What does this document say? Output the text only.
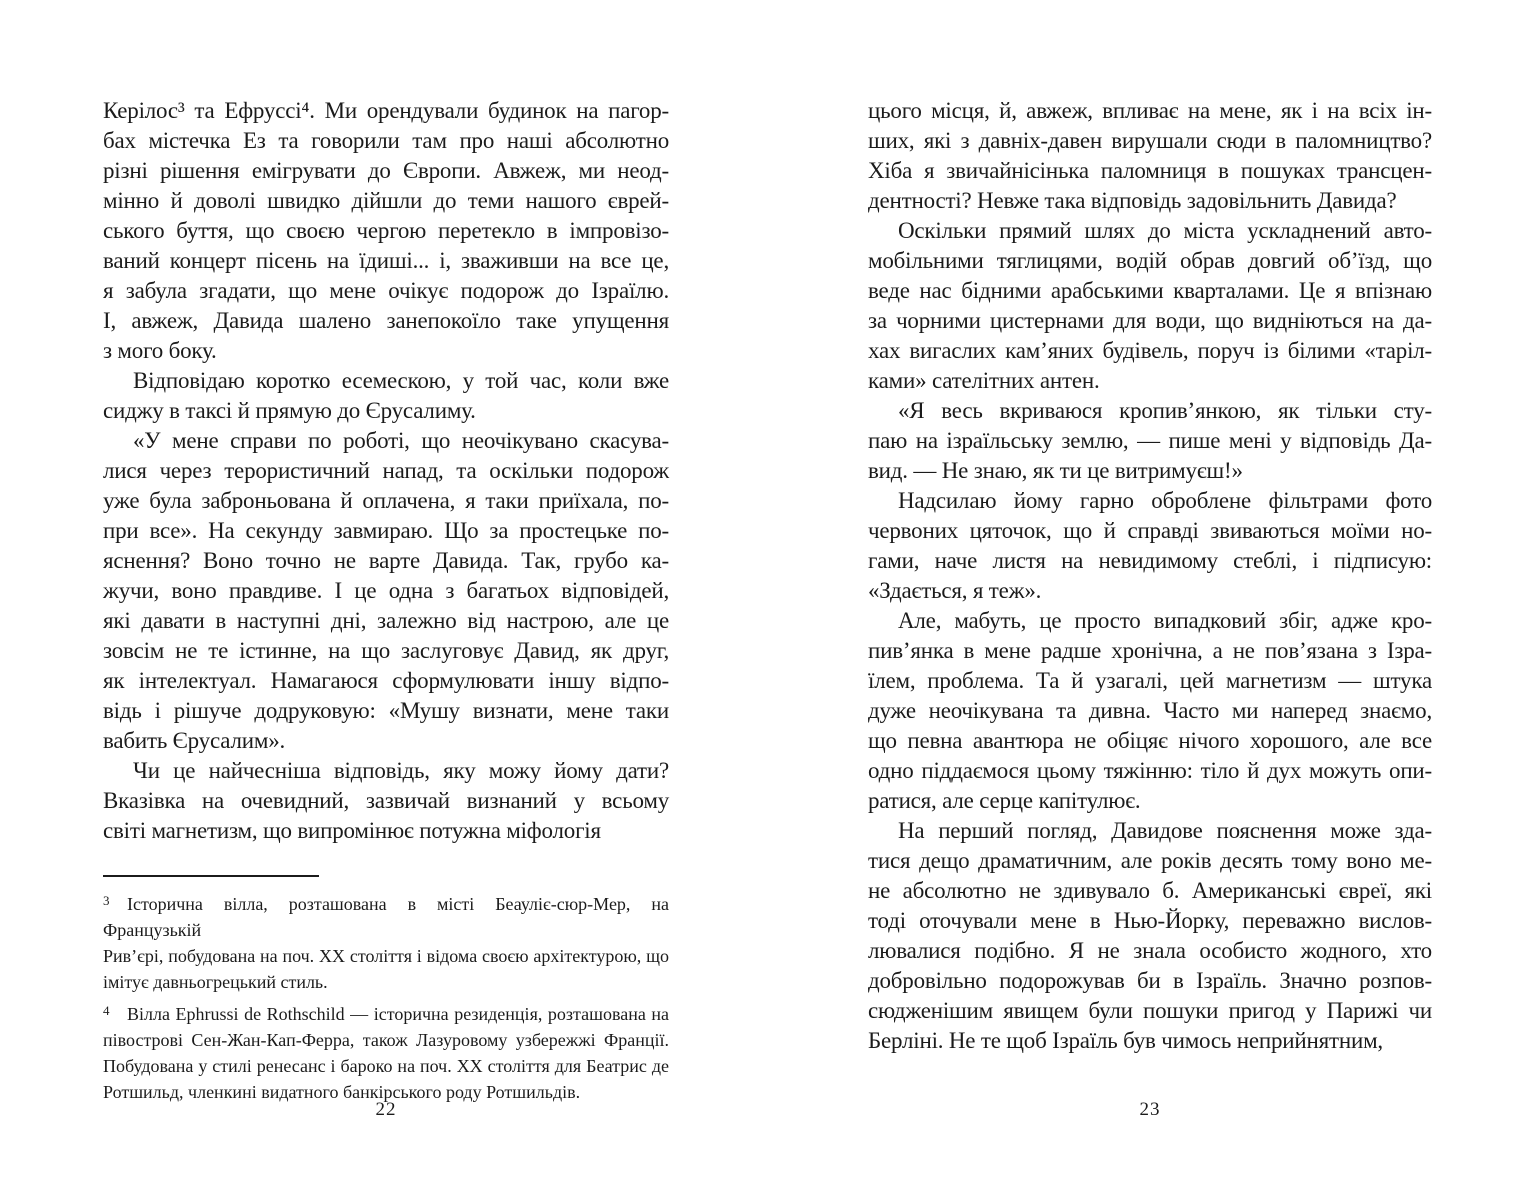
Керілос³ та Ефруссі⁴. Ми орендували будинок на пагор-
бах містечка Ез та говорили там про наші абсолютно
різні рішення емігрувати до Європи. Авжеж, ми неод-
мінно й доволі швидко дійшли до теми нашого єврей-
ського буття, що своєю чергою перетекло в імпровізо-
ваний концерт пісень на їдиші... і, зваживши на все це,
я забула згадати, що мене очікує подорож до Ізраїлю.
І, авжеж, Давида шалено занепокоїло таке упущення
з мого боку.
Відповідаю коротко есемескою, у той час, коли вже
сиджу в таксі й прямую до Єрусалиму.
«У мене справи по роботі, що неочікувано скасува-
лися через терористичний напад, та оскільки подорож
уже була заброньована й оплачена, я таки приїхала, по-
при все». На секунду завмираю. Що за простецьке по-
яснення? Воно точно не варте Давида. Так, грубо ка-
жучи, воно правдиве. І це одна з багатьох відповідей,
які давати в наступні дні, залежно від настрою, але це
зовсім не те істинне, на що заслуговує Давид, як друг,
як інтелектуал. Намагаюся сформулювати іншу відпо-
відь і рішуче додруковую: «Мушу визнати, мене таки
вабить Єрусалим».
Чи це найчесніша відповідь, яку можу йому дати?
Вказівка на очевидний, зазвичай визнаний у всьому
світі магнетизм, що випромінює потужна міфологія
3 Історична вілла, розташована в місті Беауліє-сюр-Мер, на Французькій
Рив’єрі, побудована на поч. ХХ століття і відома своєю архітектурою, що
імітує давньогрецький стиль.
4 Вілла Ephrussi de Rothschild — історична резиденція, розташована на
півострові Сен-Жан-Кап-Ферра, також Лазуровому узбережжі Франції.
Побудована у стилі ренесанс і бароко на поч. ХХ століття для Беатрис де
Ротшильд, членкині видатного банкірського роду Ротшильдів.
22
цього місця, й, авжеж, впливає на мене, як і на всіх ін-
ших, які з давніх-давен вирушали сюди в паломництво?
Хіба я звичайнісінька паломниця в пошуках трансцен-
дентності? Невже така відповідь задовільнить Давида?
Оскільки прямий шлях до міста ускладнений авто-
мобільними тяглицями, водій обрав довгий об’їзд, що
веде нас бідними арабськими кварталами. Це я впізнаю
за чорними цистернами для води, що видніються на да-
хах вигаслих кам’яних будівель, поруч із білими «таріл-
ками» сателітних антен.
«Я весь вкриваюся кропив’янкою, як тільки сту-
паю на ізраїльську землю, — пише мені у відповідь Да-
вид. — Не знаю, як ти це витримуєш!»
Надсилаю йому гарно оброблене фільтрами фото
червоних цяточок, що й справді звиваються моїми но-
гами, наче листя на невидимому стеблі, і підписую:
«Здається, я теж».
Але, мабуть, це просто випадковий збіг, адже кро-
пив’янка в мене радше хронічна, а не пов’язана з Ізра-
їлем, проблема. Та й узагалі, цей магнетизм — штука
дуже неочікувана та дивна. Часто ми наперед знаємо,
що певна авантюра не обіцяє нічого хорошого, але все
одно піддаємося цьому тяжінню: тіло й дух можуть опи-
ратися, але серце капітулює.
На перший погляд, Давидове пояснення може зда-
тися дещо драматичним, але років десять тому воно ме-
не абсолютно не здивувало б. Американські євреї, які
тоді оточували мене в Нью-Йорку, переважно вислов-
лювалися подібно. Я не знала особисто жодного, хто
добровільно подорожував би в Ізраїль. Значно розпов-
сюдженішим явищем були пошуки пригод у Парижі чи
Берліні. Не те щоб Ізраїль був чимось неприйнятним,
23
